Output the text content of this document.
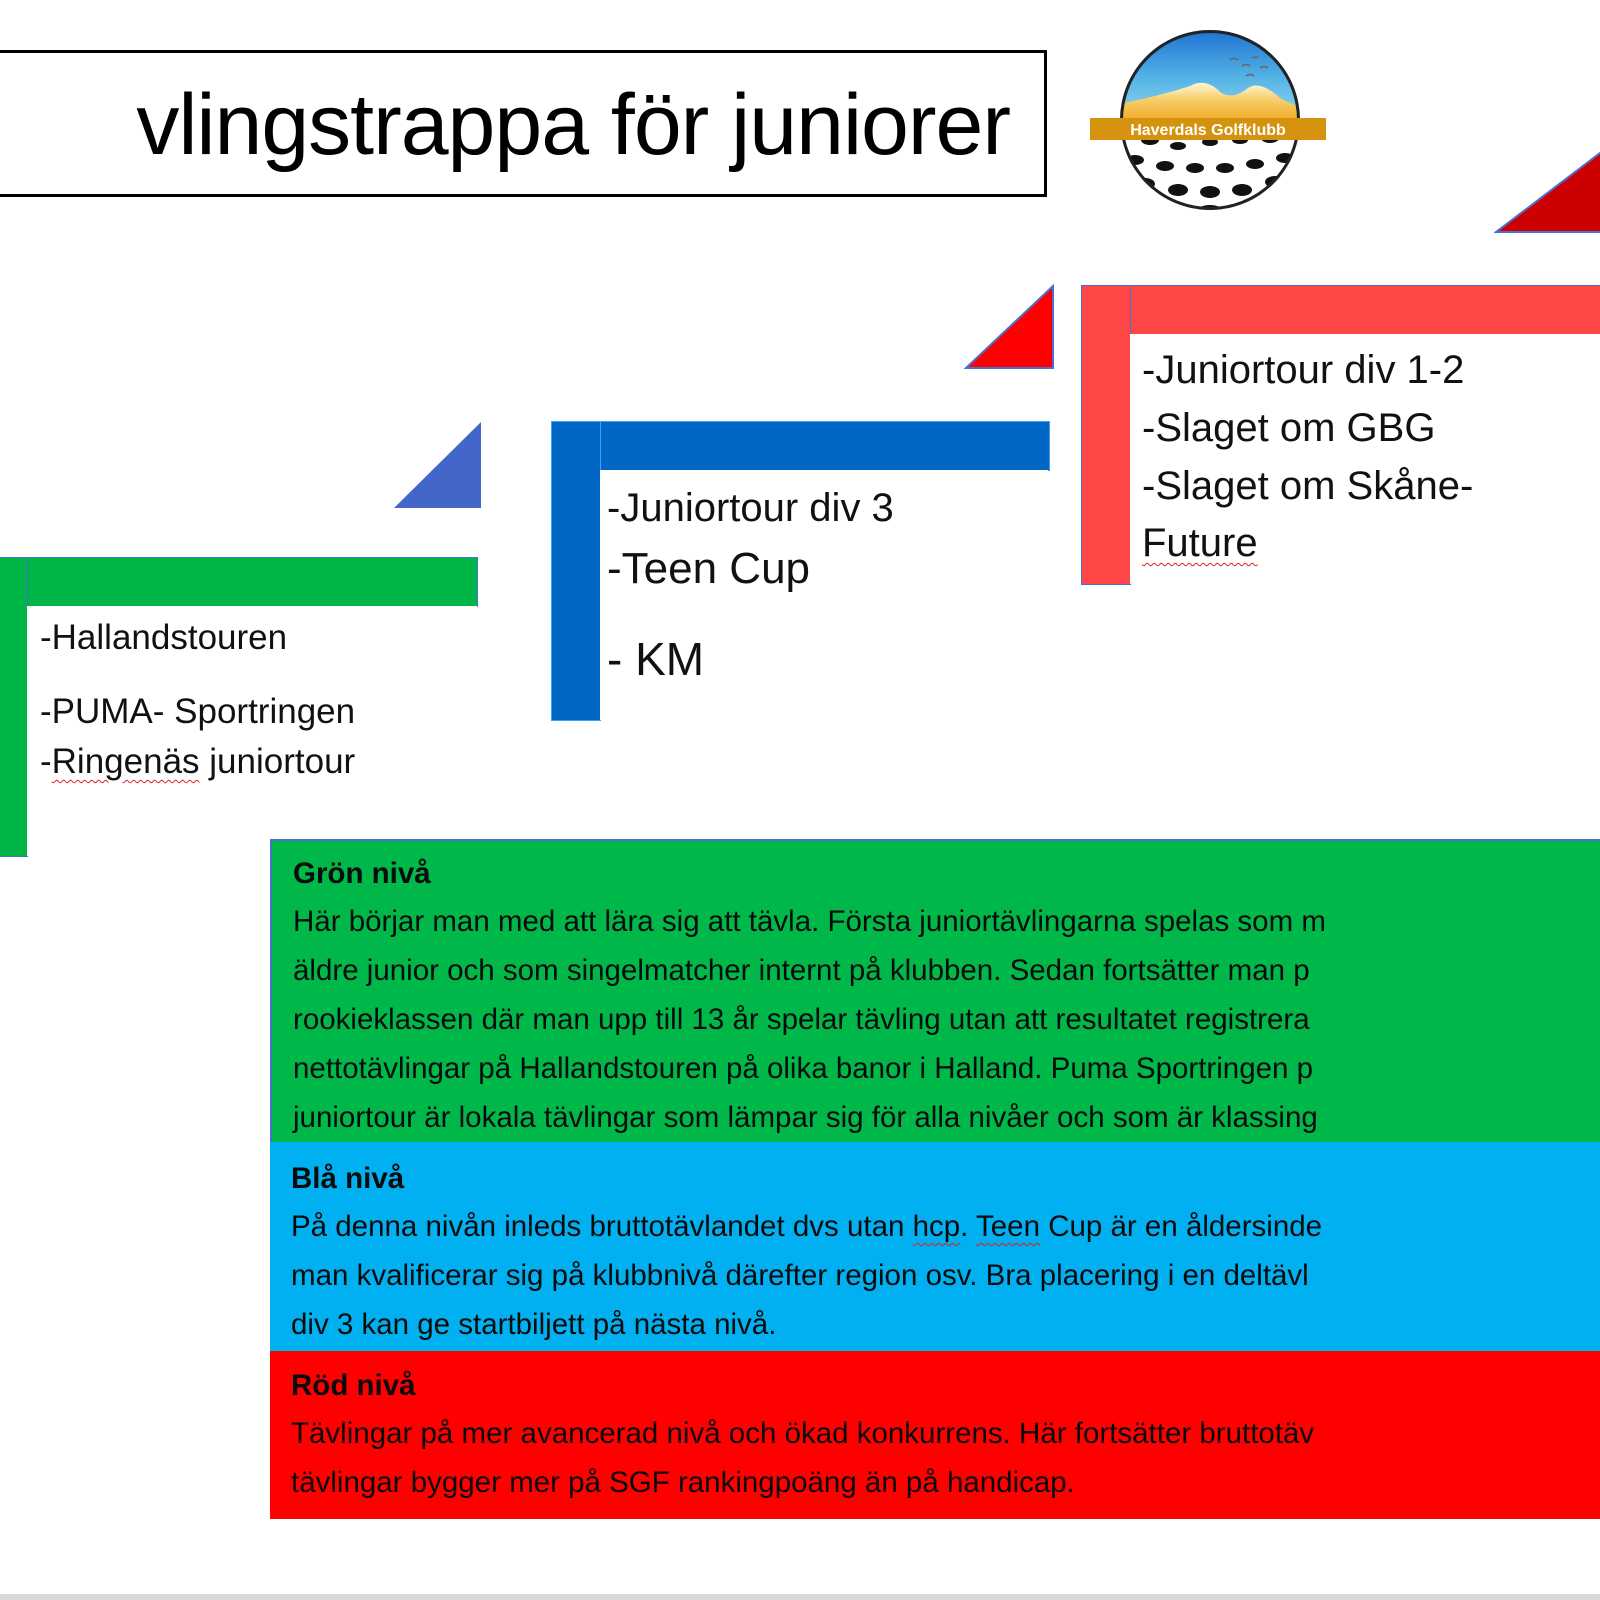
vlingstrappa för juniorer	Haverdals Golfklubb
-Juniortour div 1-2
-Slaget om GBG
-Slaget om Skåne-
Future
-Juniortour div 3
-Teen Cup
- KM
-Hallandstouren
-PUMA- Sportringen
-Ringenäs juniortour
Grön nivå
Här börjar man med att lära sig att tävla. Första juniortävlingarna spelas som m
äldre junior och som singelmatcher internt på klubben. Sedan fortsätter man p
rookieklassen där man upp till 13 år spelar tävling utan att resultatet registrera
nettotävlingar på Hallandstouren på olika banor i Halland. Puma Sportringen p
juniortour är lokala tävlingar som lämpar sig för alla nivåer och som är klassing
Blå nivå
På denna nivån inleds bruttotävlandet dvs utan hcp. Teen Cup är en åldersinde
man kvalificerar sig på klubbnivå därefter region osv. Bra placering i en deltävl
div 3 kan ge startbiljett på nästa nivå.
Röd nivå
Tävlingar på mer avancerad nivå och ökad konkurrens. Här fortsätter bruttotäv
tävlingar bygger mer på SGF rankingpoäng än på handicap.
